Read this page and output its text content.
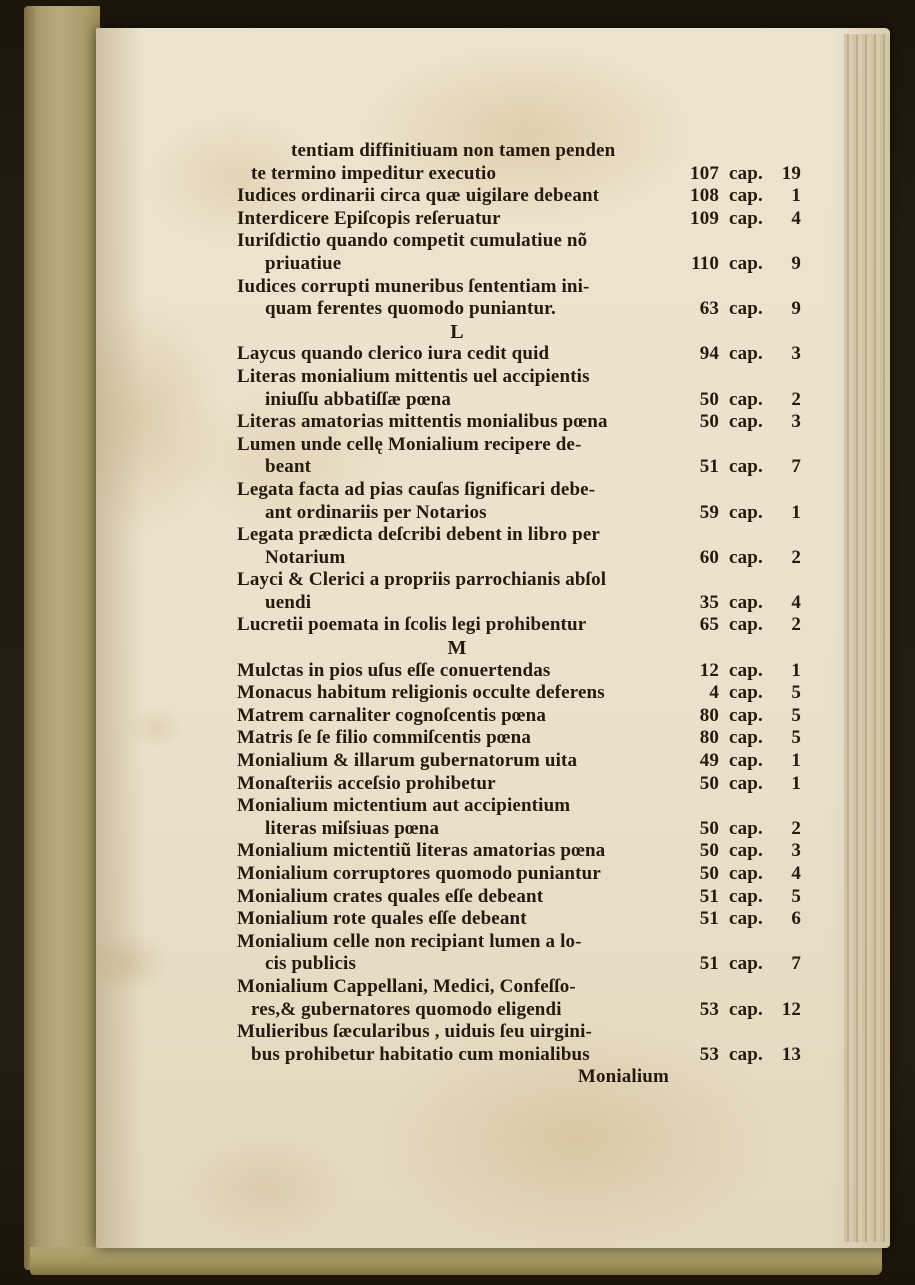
tentiam diffinitiuam non tamen penden
te termino impeditur executio	107 cap. 19
Iudices ordinarii circa quæ uigilare debeant	108 cap.	1
Interdicere Epiſcopis reſeruatur	109 cap.	4
Iuriſdictio quando competit cumulatiue nõ
priuatiue	110 cap.	9
Iudices corrupti muneribus ſententiam ini-
quam ferentes quomodo puniantur.	63 cap.	9
L
Laycus quando clerico iura cedit quid	94 cap.	3
Literas monialium mittentis uel accipientis
iniuſſu abbatiſſæ pœna	50 cap.	2
Literas amatorias mittentis monialibus pœna	50 cap.	3
Lumen unde cellę Monialium recipere de-
beant	51 cap.	7
Legata facta ad pias cauſas ſignificari debe-
ant ordinariis per Notarios	59 cap.	1
Legata prædicta deſcribi debent in libro per
Notarium	60 cap.	2
Layci & Clerici a propriis parrochianis abſol
uendi	35 cap.	4
Lucretii poemata in ſcolis legi prohibentur	65 cap.	2
M
Mulctas in pios uſus eſſe conuertendas	12 cap.	1
Monacus habitum religionis occulte deferens	4 cap.	5
Matrem carnaliter cognoſcentis pœna	80 cap.	5
Matris ſe ſe filio commiſcentis pœna	80 cap.	5
Monialium & illarum gubernatorum uita	49 cap.	1
Monaſteriis acceſsio prohibetur	50 cap.	1
Monialium mictentium aut accipientium
literas miſsiuas pœna	50 cap.	2
Monialium mictentiũ literas amatorias pœna	50 cap.	3
Monialium corruptores quomodo puniantur	50 cap.	4
Monialium crates quales eſſe debeant	51 cap.	5
Monialium rote quales eſſe debeant	51 cap.	6
Monialium celle non recipiant lumen a lo-
cis publicis	51 cap.	7
Monialium Cappellani, Medici, Confeſſo-
res,& gubernatores quomodo eligendi	53 cap. 12
Mulieribus ſæcularibus , uiduis ſeu uirgini-
bus prohibetur habitatio cum monialibus	53 cap. 13
Monialium
